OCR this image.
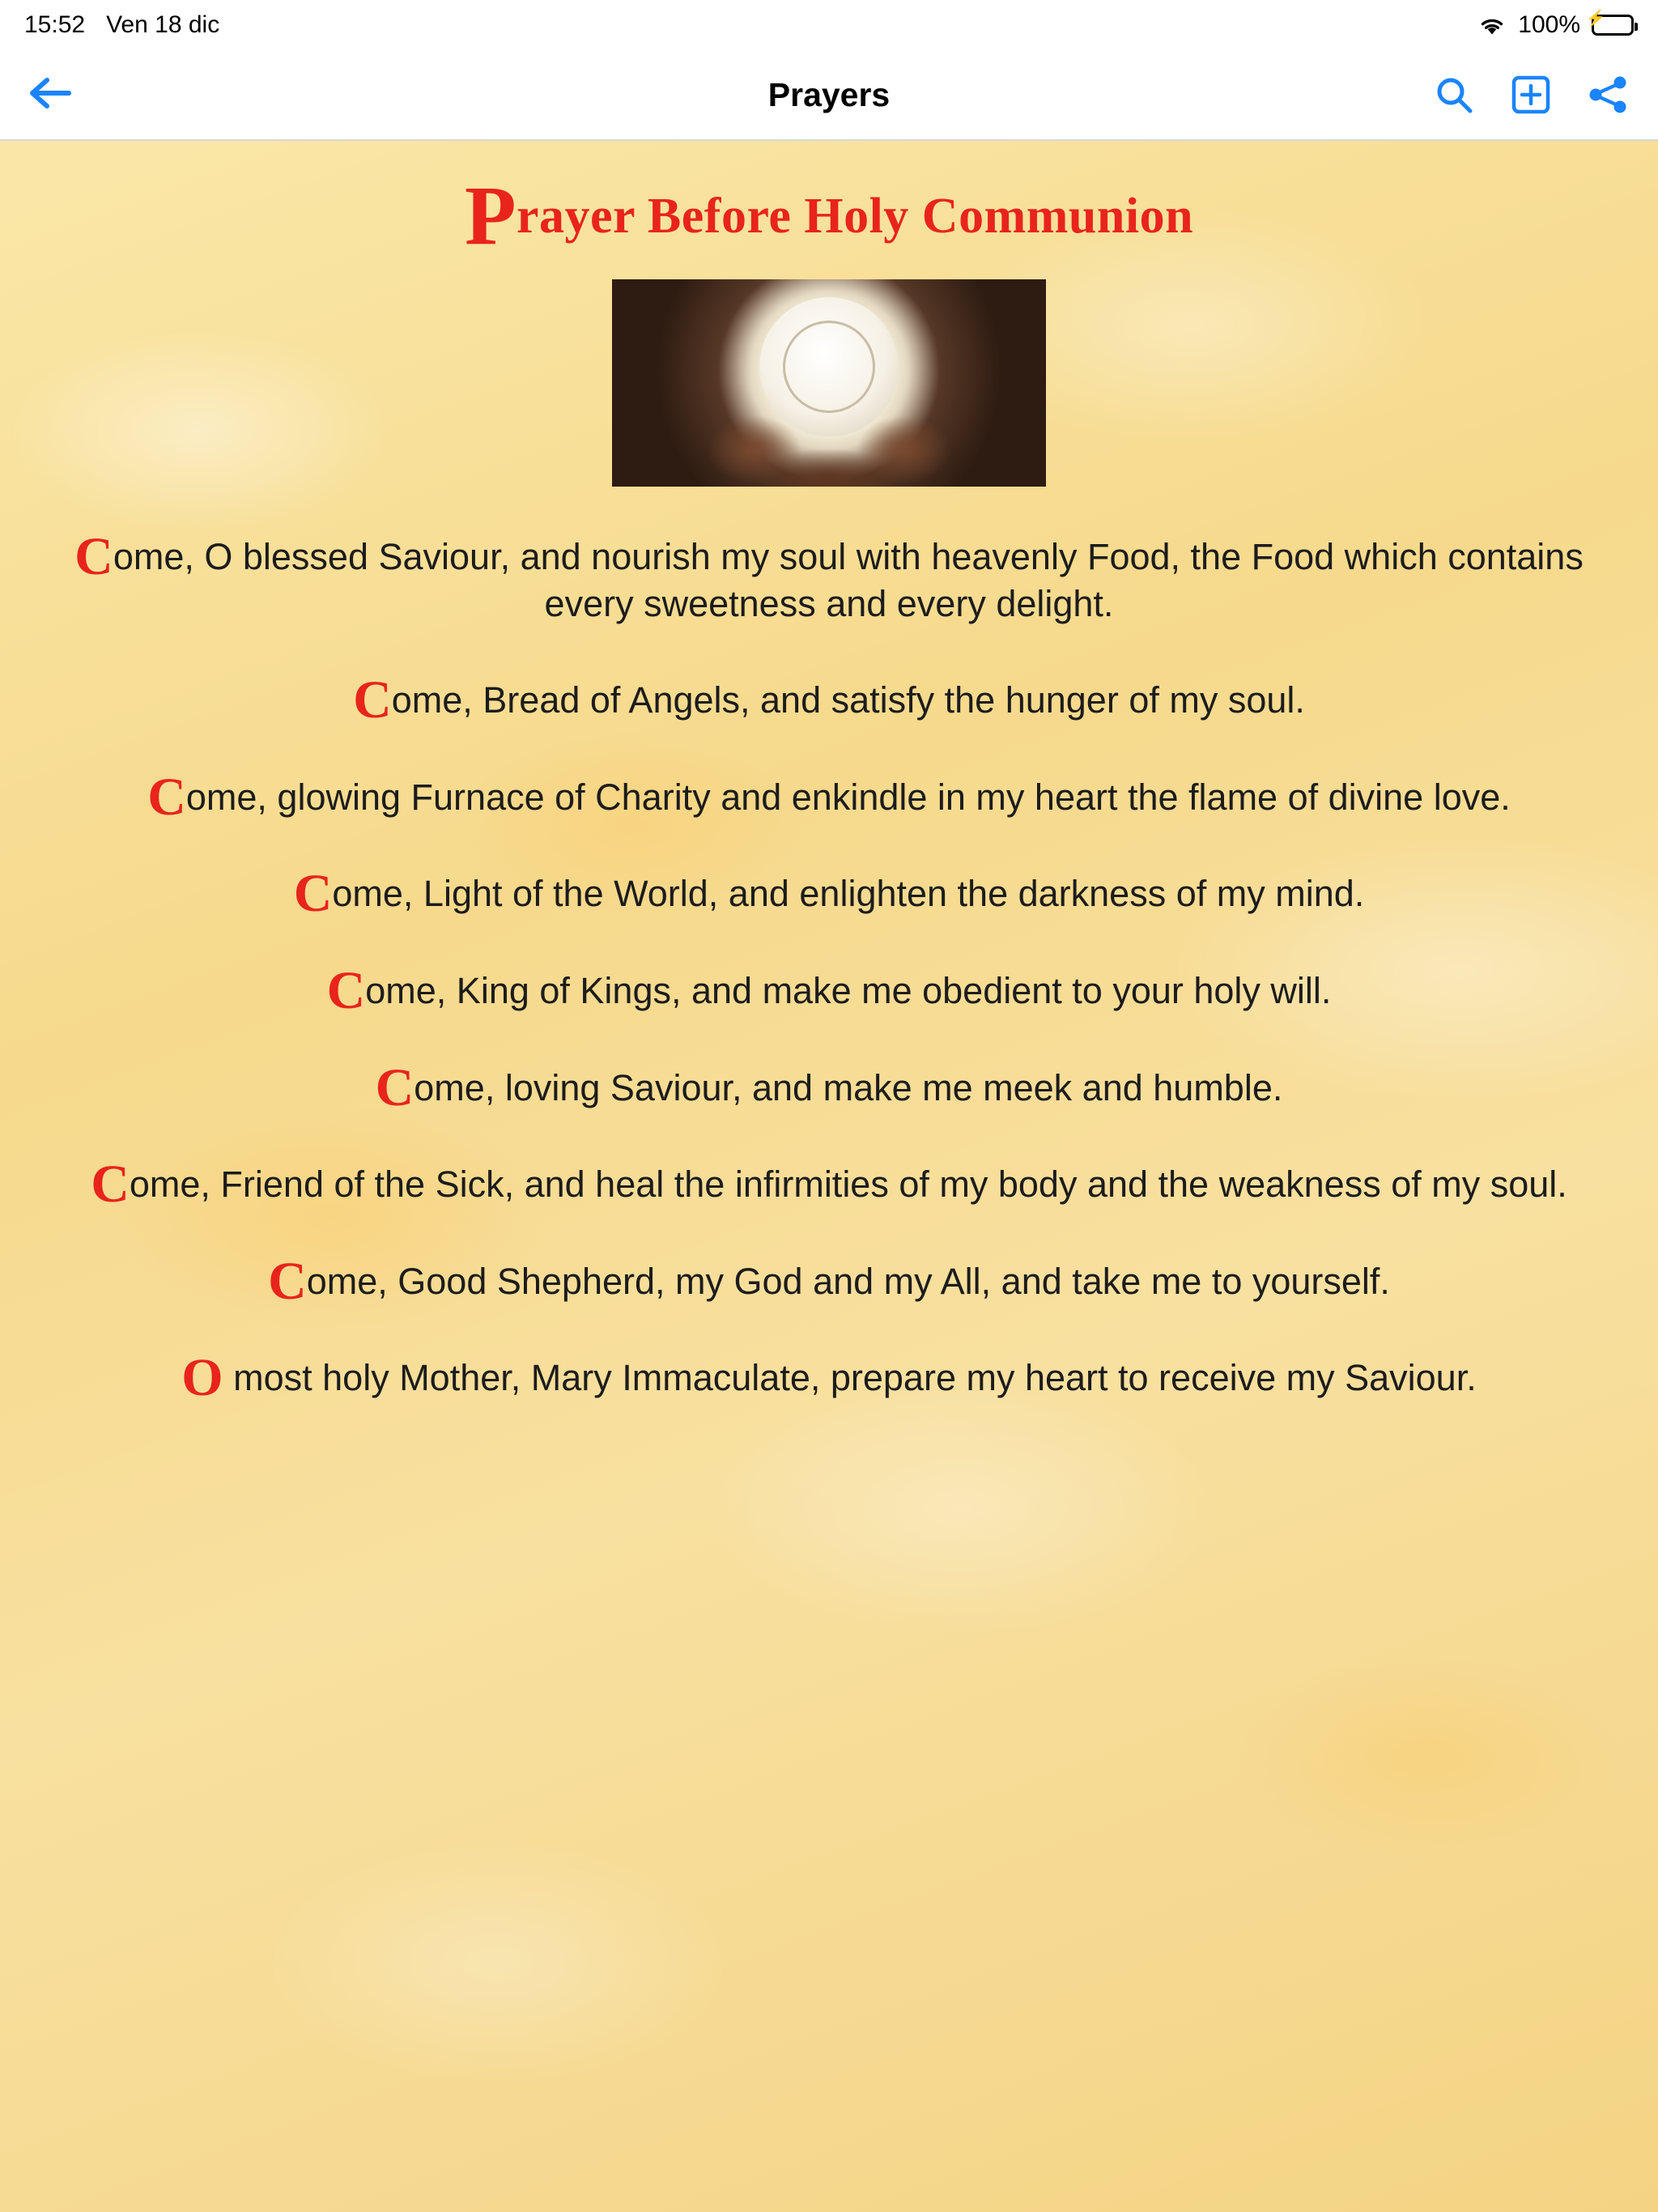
15:52 Ven 18 dic	100% ⚡
Prayers
Prayer Before Holy Communion

Come, O blessed Saviour, and nourish my soul with heavenly Food, the Food which contains every sweetness and every delight.

Come, Bread of Angels, and satisfy the hunger of my soul.

Come, glowing Furnace of Charity and enkindle in my heart the flame of divine love.

Come, Light of the World, and enlighten the darkness of my mind.

Come, King of Kings, and make me obedient to your holy will.

Come, loving Saviour, and make me meek and humble.

Come, Friend of the Sick, and heal the infirmities of my body and the weakness of my soul.

Come, Good Shepherd, my God and my All, and take me to yourself.

O most holy Mother, Mary Immaculate, prepare my heart to receive my Saviour.
